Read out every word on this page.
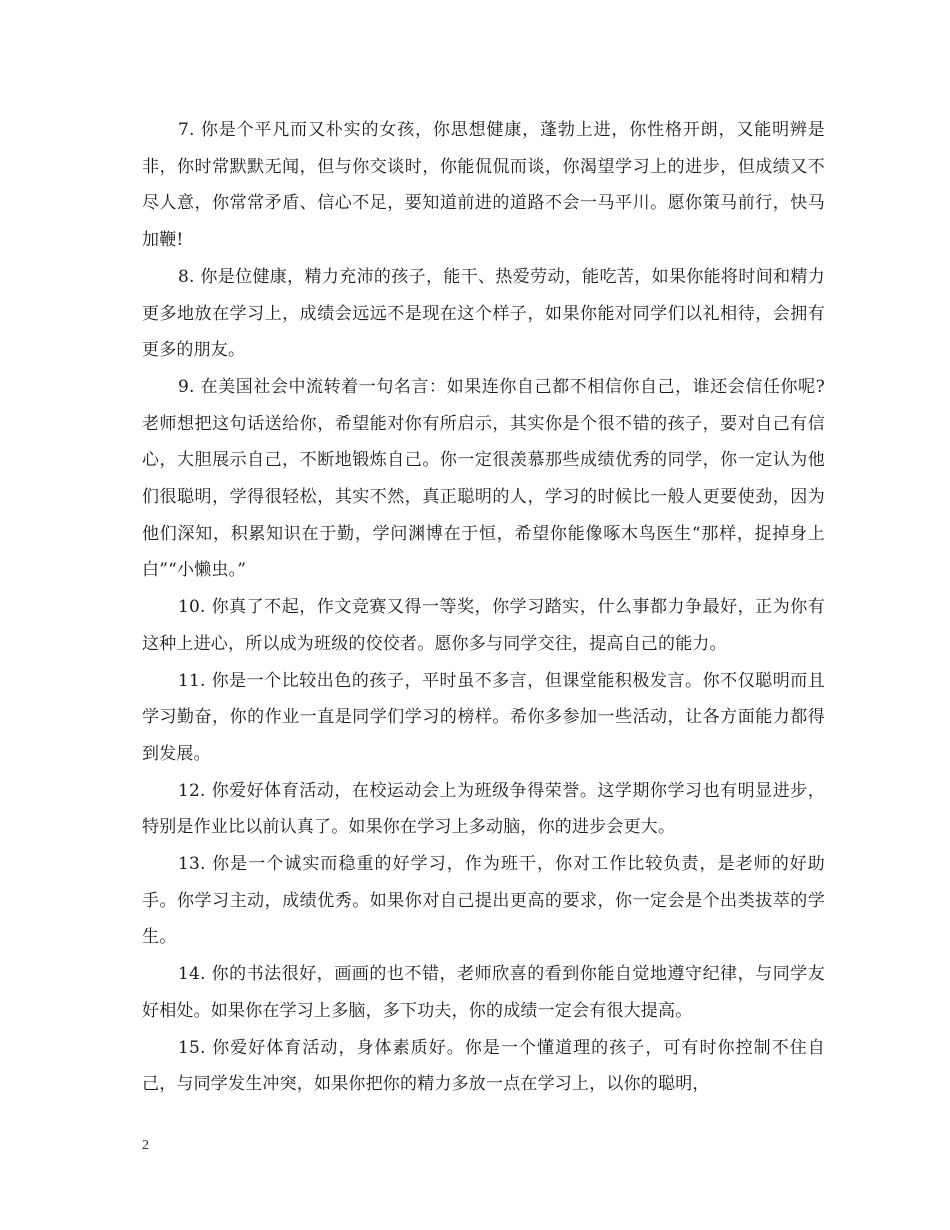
7. 你是个平凡而又朴实的女孩，你思想健康，蓬勃上进，你性格开朗，又能明辨是非，你时常默默无闻，但与你交谈时，你能侃侃而谈，你渴望学习上的进步，但成绩又不尽人意，你常常矛盾、信心不足，要知道前进的道路不会一马平川。愿你策马前行，快马加鞭!

8. 你是位健康，精力充沛的孩子，能干、热爱劳动，能吃苦，如果你能将时间和精力更多地放在学习上，成绩会远远不是现在这个样子，如果你能对同学们以礼相待，会拥有更多的朋友。

9. 在美国社会中流转着一句名言：如果连你自己都不相信你自己，谁还会信任你呢?老师想把这句话送给你，希望能对你有所启示，其实你是个很不错的孩子，要对自己有信心，大胆展示自己，不断地锻炼自己。你一定很羡慕那些成绩优秀的同学，你一定认为他们很聪明，学得很轻松，其实不然，真正聪明的人，学习的时候比一般人更要使劲，因为他们深知，积累知识在于勤，学问渊博在于恒，希望你能像啄木鸟医生“那样，捉掉身上白”“小懒虫。”

10. 你真了不起，作文竞赛又得一等奖，你学习踏实，什么事都力争最好，正为你有这种上进心，所以成为班级的佼佼者。愿你多与同学交往，提高自己的能力。

11. 你是一个比较出色的孩子，平时虽不多言，但课堂能积极发言。你不仅聪明而且学习勤奋，你的作业一直是同学们学习的榜样。希你多参加一些活动，让各方面能力都得到发展。

12. 你爱好体育活动，在校运动会上为班级争得荣誉。这学期你学习也有明显进步，特别是作业比以前认真了。如果你在学习上多动脑，你的进步会更大。

13. 你是一个诚实而稳重的好学习，作为班干，你对工作比较负责，是老师的好助手。你学习主动，成绩优秀。如果你对自己提出更高的要求，你一定会是个出类拔萃的学生。

14. 你的书法很好，画画的也不错，老师欣喜的看到你能自觉地遵守纪律，与同学友好相处。如果你在学习上多脑，多下功夫，你的成绩一定会有很大提高。

15. 你爱好体育活动，身体素质好。你是一个懂道理的孩子，可有时你控制不住自己，与同学发生冲突，如果你把你的精力多放一点在学习上，以你的聪明，

2
